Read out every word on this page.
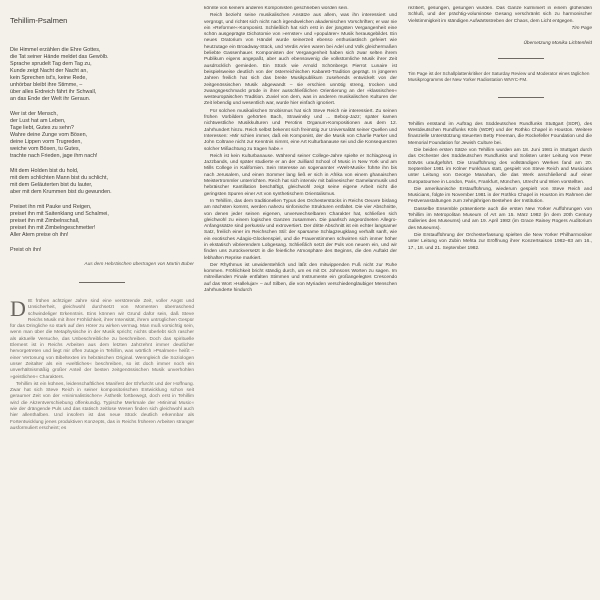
Tehillim-Psalmen

Die Himmel erzählen die Ehre Gottes,
die Tat seiner Hände meldet das Gewölb.
Sprache sprudelt Tag dem Tag zu,
Kunde zeigt Nacht der Nacht an,
kein Sprechen ist's, keine Rede,
unhörbar bleibt ihre Stimme, –
über alles Erdreich fährt ihr Schwall,
an das Ende der Welt ihr Geraun.

Wer ist der Mensch,
der Lust hat am Leben,
Tage liebt, Gutes zu sehn?
Wahre deine Zunge vom Bösen,
deine Lippen vorm Trugreden,
weiche vom Bösen, tu Gutes,
trachte nach Frieden, jage ihm nach!

Mit dem Holden bist du hold,
mit dem schlichten Mann bist du schlicht,
mit dem Geläuterten bist du lauter,
aber mit dem Krummen bist du gewunden.

Preiset ihn mit Pauke und Reigen,
preiset ihn mit Saitenklang und Schalmei,
preiset ihn mit Zimbelnschall,
preiset ihn mit Zimbelngeschmetter!
Aller Atem preise oh ihn!

Preist oh ihn!

Aus dem Hebräischen übertragen von Martin Buber

DIE frühen achtziger Jahre sind eine verstörende Zeit, voller Angst und Unsicherheit, gleichwohl durchsetzt von Momenten überraschend schwindeliger Erkenntnis. Eins können wir Grund dafür sein, daß Steve Reichs Musik mit ihrer Fröhlichkeit, ihrer Intensität, ihrem untrüglichen Gespür für das Dringliche so stark auf den Hörer zu wirken vermag. Man muß vorsichtig sein, wenn man über die Metaphysische in der Musik spricht; nichts überlebt sich rascher als aktuelle Versuche, das Unbeschreibliche zu beschreiben. Doch das spirituelle Element ist in Reichs Arbeiten aus dem letzten Jahrzehnt immer deutlicher hervorgetreten und liegt mir offen zutage in Tehillim, was wörtlich »Psalmen« heißt – einer Vertonung von Bibeltexten im hebräischen Original. Wenngleich die Soziologen unser Zeitalter als ein »weltliches« beschreiben, so ist doch immer noch ein unverhältnismäßig großer Anteil der besten zeitgenössischen Musik unverhohlen »geistlichen« Charakters.

Tehillim ist ein kühnes, leidenschaftliches Manifest der Ehrfurcht und der Hoffnung. Zwar hat sich Steve Reich in seiner kompositorischen Entwicklung schon seit geraumer Zeit von der »minimalistischen« Ästhetik fortbewegt, doch erst in Tehillim wird die Akzentverschiebung offenkundig. Typische Merkmale der »Minimal Music« wie der drängende Puls und das statisch zeitlose Wesen finden sich gleichwohl auch hier allenthalben. Und insofern ist das neue Stück deutlich erkennbar als Fortentwicklung jenes produktiven Konzepts, das in Reichs früheren Arbeiten stranger ausformuliert erscheint; es

könnte von keinem anderen Komponisten geschrieben worden sein.

Reich bezieht seine musikalischen Ansätze aus allem, was ihn interessiert und vergnügt, und richtet sich nicht nach irgendwelchen akademischen Vorschriften; er war nie ein »Reformer«-Komponist. Schließlich hat sich erst in der jüngsten Vergangenheit eine schön ausgeprägte Dichotomie von »ernster« und »populärer« Musik herausgebildet. Ein neues Oratorium von Händel wurde seinerzeit ebenso enthusiastisch gefeiert wie heutzutage ein Broadway-Stück, und Verdis Arien waren bei Adel und Volk gleichermaßen beliebte Gassenhauer. Komponisten der Vergangenheit haben sich zwar selten ihrem Publikum eigens angepaßt, aber auch ebensowenig die volkstümliche Musik ihrer Zeit ausdrücklich gemieden. Ein Stück wie Arnold Schönbergs Pierrot Lunaire ist beispielsweise deutlich von der österreichischen Kabarett-Tradition geprägt. In jüngeren Jahren freilich hat sich das breite Musikpublikum zusehends entwickelt von der zeitgenössischen Musik abgewandt – sie erschien unnötig streng, trocken und zwangsgeschmackt prüde in ihrer ausschließlichen Orientierung an der »klassischen« westeuropäischen Tradition. Zuviel von dem, was in anderen musikalischen Kulturen der Zeit lebendig und wesentlich war, wurde hier einfach ignoriert.

Für solchen musikalischen Snobismus hat sich Steve Reich nie interessiert. Zu seinen frühen Vorbildern gehörten Bach, Strawinsky und ... Bebop-Jazz; später kamen nichtwestliche Musikkulturen und Perotins Organum-Kompositionen aus dem 12. Jahrhundert hinzu. Reich selbst bekennt sich freimütig zur Universalität seiner Quellen und Interessen: »Mir schien immer, daß ein Komponist, der die Musik von Charlie Parker und John Coltrane nicht zur Kenntnis nimmt, eine Art Kulturbanause sei und die Konsequenzen solcher Mißachtung zu tragen habe.«

Reich ist kein Kulturbanause. Während seiner College-Jahre spielte er Schlagzeug in Jazzbands, und später studierte er an der Juilliard School of Music in New York und am Mills College in Kalifornien. Sein Interesse an sogenannter »Welt-Musik« führte ihn bis nach Jerusalem, und einen Sommer lang ließ er sich in Afrika von einem ghanaischen Meistertrommler unterrichten. Reich hat sich intensiv mit balinesischer Gamelanmusik und hebräischer Kantillation beschäftigt, gleichwohl zeigt seine eigene Arbeit nicht die geringsten Spuren einer Art von synthetischem Orientalismus.

In Tehillim, das dem traditionellen Typus des Orchesterstücks in Reichs Oeuvre bislang am nächsten kommt, werden nahezu sinfonische Strukturen entfaltet. Die vier Abschnitte, von denen jeder seinen eigenen, unverwechselbaren Charakter hat, schließen sich gleichwohl zu einem logischen Ganzen zusammen. Die paarlsch angeordneten Allegro-Anfangssätze sind perkussiv und extrovertiert. Der dritte Abschnitt ist ein echter langsamer Satz, freilich einer im Reichschen Stil: der sparsame Schlagzeugklang verhallt sanft, wie ein exotisches Adagio-Glockenspiel, und die Frauenstimmen schwirren sich immer höher in ekstatisch vibrierendem Lobgesang. Schließlich setzt der Puls von neuem ein, und wir finden uns zurückversetzt in die feierliche Atmosphäre des Beginns, die den Auftakt der lebhaften Reprise markiert.

Der Rhythmus ist unwiderstehlich und läßt den mitwippenden Fuß nicht zur Ruhe kommen. Fröhlichkeit bricht ständig durch, um es mit Dr. Johnsons Worten zu sagen. Im mitreißenden Finale entfalten Stimmen und Instrumente ein großangelegtes Crescendo auf das Wort »Halleluja!« – auf Silben, die von Myriaden verschiedengläubiger Menschen Jahrhunderte hindurch

rezitiert, gesungen, gesungen wurden. Das Ganze kulminiert in einem glühenden Schluß, und der prächtig-voluminöse Gesang verschränkt sich zu harmonischer Vielstimmigkeit im ständigen Aufwärtsstreben der Chaos, dem Licht entgegen.

Tim Page
Übersetzung Monika Lichtenfeld
Tim Page ist der Schallplattenkritiker der Saturday Review und Moderator eines täglichen Musikprogramms der New Yorker Radiostation WNYC-FM.

Tehillim entstand im Auftrag des Süddeutschen Rundfunks Stuttgart (SDR), des Westdeutschen Rundfunks Köln (WDR) und der Rothko Chapel in Houston. Weitere finanzielle Unterstützung steuerten Betty Freeman, die Rockefeller Foundation und die Memorial Foundation for Jewish Culture bei.

Die beiden ersten Sätze von Tehillim wurden am 18. Juni 1981 in Stuttgart durch das Orchester des Süddeutschen Rundfunks und Solisten unter Leitung von Peter Eötvös uraufgeführt. Die Uraufführung des vollständigen Werkes fand am 20. September 1981 im Kölner Funkhaus statt, gespielt von Steve Reich and Musicians unter Leitung von George Manahan, die das Werk anschließend auf einer Europatournee in London, Paris, Frankfurt, München, Utrecht und Wien vorstellten.

Die amerikanische Erstaufführung, wiederum gespielt von Steve Reich and Musicians, folgte im November 1981 in der Rothko Chapel in Houston im Rahmen der Festveranstaltungen zum zehnjährigen Bestehen der Institution.

Dasselbe Ensemble präsentierte auch die ersten New Yorker Aufführungen von Tehillim im Metropolitan Museum of Art am 15. März 1982 (in dem 20th Century Galleries des Museums) und am 19. April 1982 (im Grace Rainey Rogers Auditorium des Museums).

Die Erstaufführung der Orchesterfassung spielten die New Yorker Philharmoniker unter Leitung von Zubin Mehta zur Eröffnung ihrer Konzertsaison 1982–83 am 16., 17., 18. und 21. September 1982.
